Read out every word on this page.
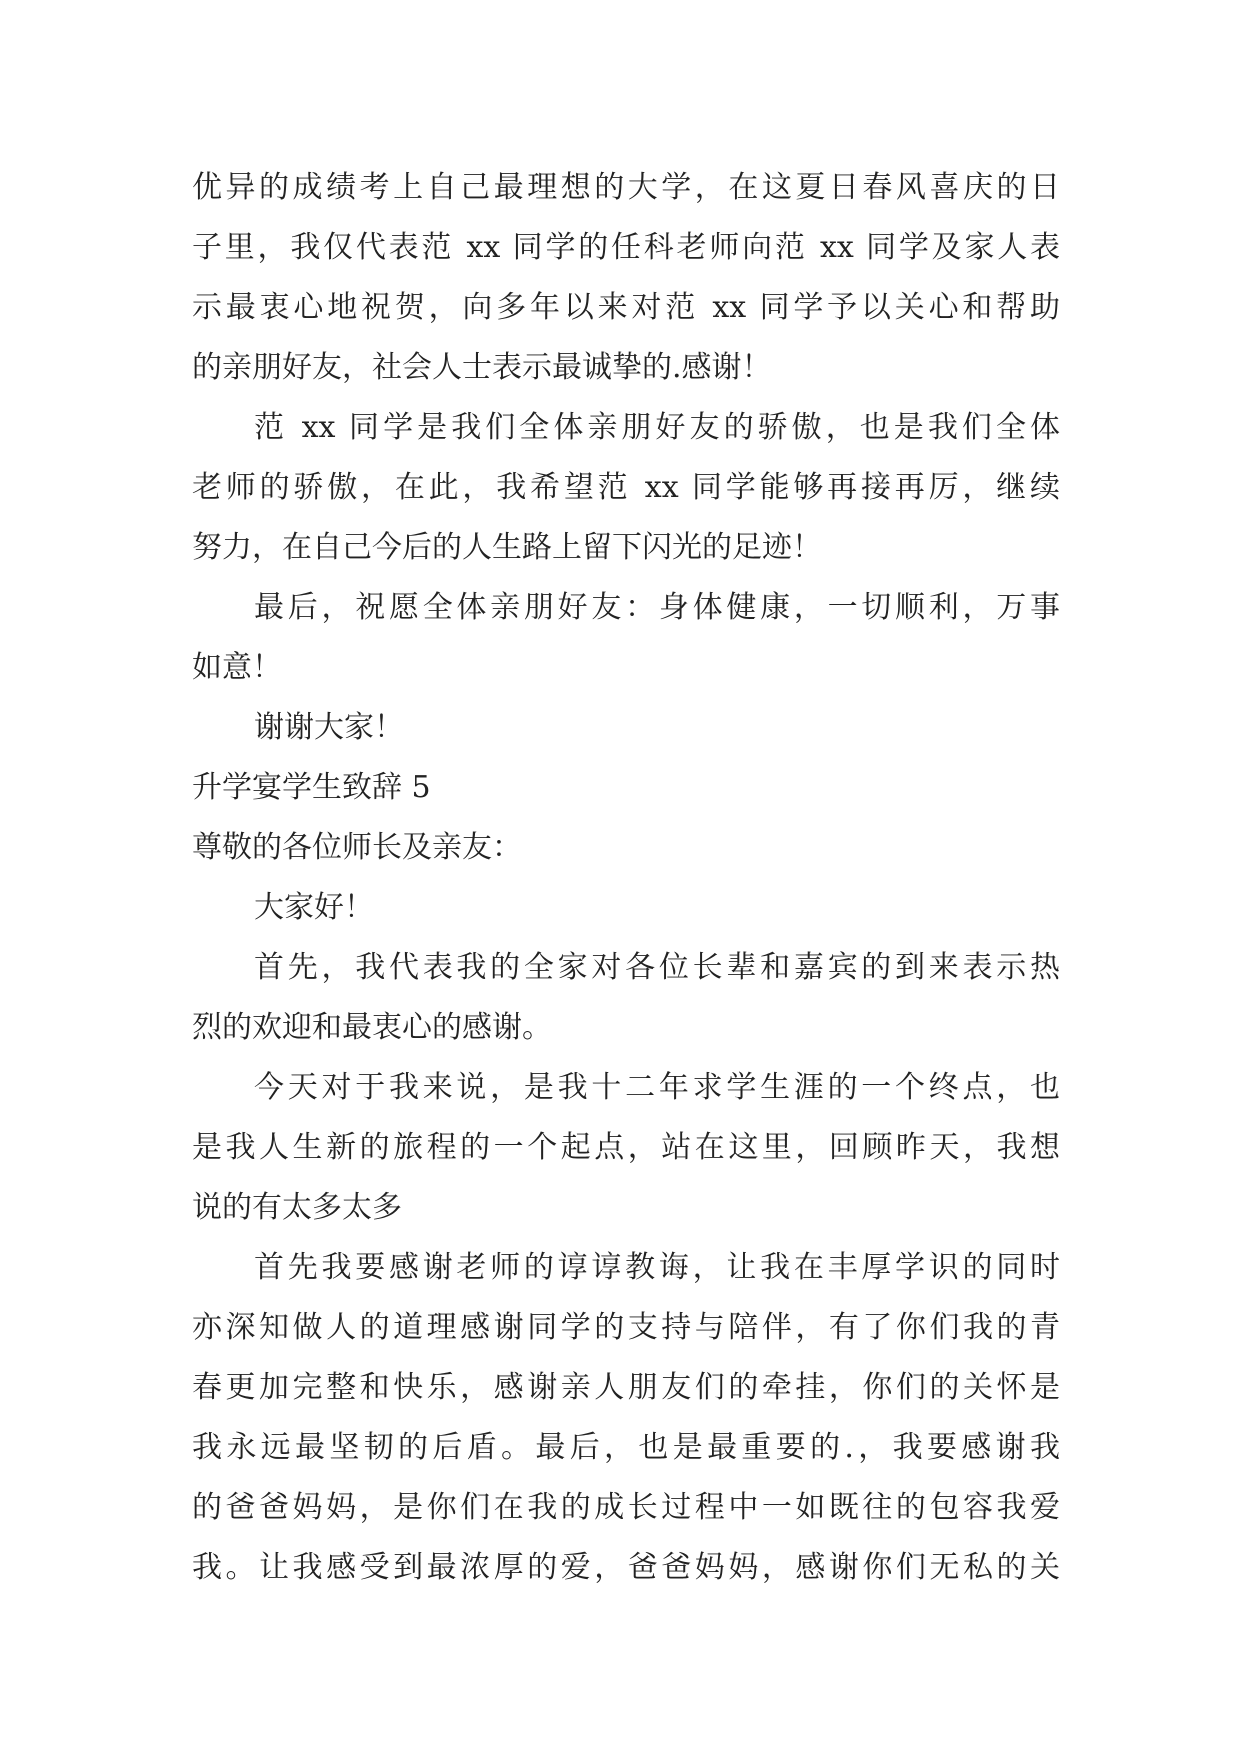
优异的成绩考上自己最理想的大学，在这夏日春风喜庆的日
子里，我仅代表范 xx 同学的任科老师向范 xx 同学及家人表
示最衷心地祝贺，向多年以来对范 xx 同学予以关心和帮助
的亲朋好友，社会人士表示最诚挚的.感谢！
范 xx 同学是我们全体亲朋好友的骄傲，也是我们全体
老师的骄傲，在此，我希望范 xx 同学能够再接再厉，继续
努力，在自己今后的人生路上留下闪光的足迹！
最后，祝愿全体亲朋好友：身体健康，一切顺利，万事
如意！
谢谢大家！
升学宴学生致辞 5
尊敬的各位师长及亲友：
大家好！
首先，我代表我的全家对各位长辈和嘉宾的到来表示热
烈的欢迎和最衷心的感谢。
今天对于我来说，是我十二年求学生涯的一个终点，也
是我人生新的旅程的一个起点，站在这里，回顾昨天，我想
说的有太多太多
首先我要感谢老师的谆谆教诲，让我在丰厚学识的同时
亦深知做人的道理感谢同学的支持与陪伴，有了你们我的青
春更加完整和快乐，感谢亲人朋友们的牵挂，你们的关怀是
我永远最坚韧的后盾。最后，也是最重要的.，我要感谢我
的爸爸妈妈，是你们在我的成长过程中一如既往的包容我爱
我。让我感受到最浓厚的爱，爸爸妈妈，感谢你们无私的关
